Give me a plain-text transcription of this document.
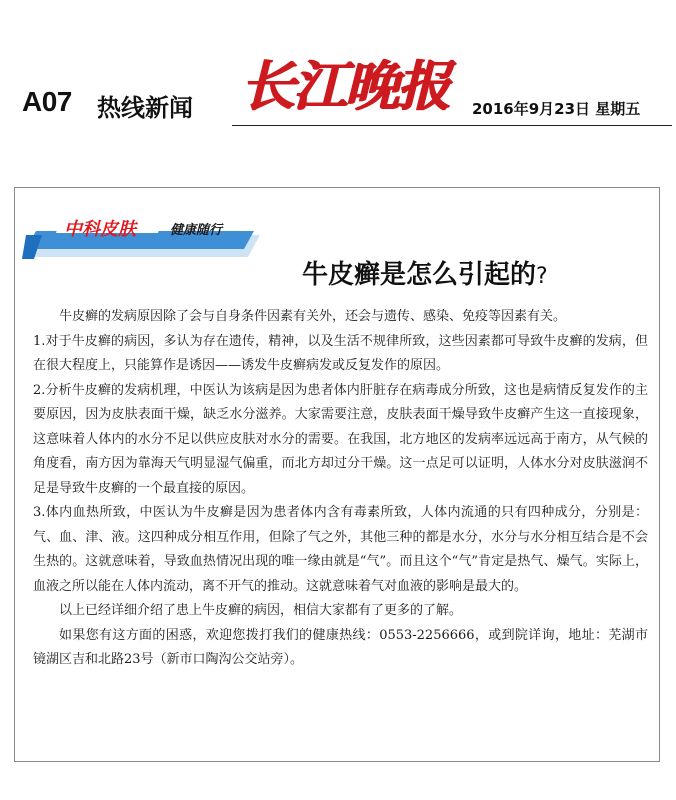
A07 热线新闻 长江晚报 2016年9月23日 星期五
中科皮肤	健康随行
牛皮癣是怎么引起的?

牛皮癣的发病原因除了会与自身条件因素有关外，还会与遗传、感染、免疫等因素有关。

1.对于牛皮癣的病因，多认为存在遗传，精神，以及生活不规律所致，这些因素都可导致牛皮癣的发病，但在很大程度上，只能算作是诱因——诱发牛皮癣病发或反复发作的原因。

2.分析牛皮癣的发病机理，中医认为该病是因为患者体内肝脏存在病毒成分所致，这也是病情反复发作的主要原因，因为皮肤表面干燥，缺乏水分滋养。大家需要注意，皮肤表面干燥导致牛皮癣产生这一直接现象，这意味着人体内的水分不足以供应皮肤对水分的需要。在我国，北方地区的发病率远远高于南方，从气候的角度看，南方因为靠海天气明显湿气偏重，而北方却过分干燥。这一点足可以证明，人体水分对皮肤滋润不足是导致牛皮癣的一个最直接的原因。

3.体内血热所致，中医认为牛皮癣是因为患者体内含有毒素所致，人体内流通的只有四种成分，分别是：气、血、津、液。这四种成分相互作用，但除了气之外，其他三种的都是水分，水分与水分相互结合是不会生热的。这就意味着，导致血热情况出现的唯一缘由就是“气”。而且这个“气”肯定是热气、燥气。实际上，血液之所以能在人体内流动，离不开气的推动。这就意味着气对血液的影响是最大的。

以上已经详细介绍了患上牛皮癣的病因，相信大家都有了更多的了解。

如果您有这方面的困惑，欢迎您拨打我们的健康热线：0553-2256666，或到院详询，地址：芜湖市镜湖区吉和北路23号（新市口陶沟公交站旁）。
